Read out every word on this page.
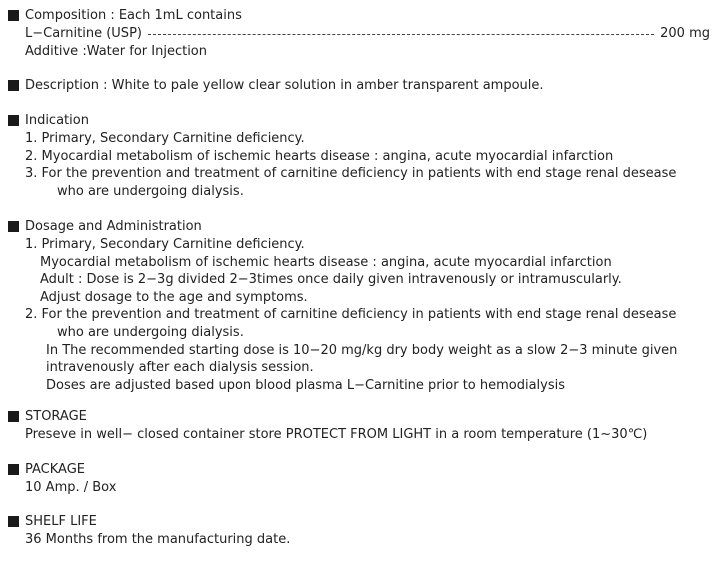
Composition : Each 1mL contains
L−Carnitine (USP)	200 mg
Additive :Water for Injection
Description : White to pale yellow clear solution in amber transparent ampoule.
Indication
1. Primary, Secondary Carnitine deficiency.
2. Myocardial metabolism of ischemic hearts disease : angina, acute myocardial infarction
3. For the prevention and treatment of carnitine deficiency in patients with end stage renal desease
who are undergoing dialysis.
Dosage and Administration
1. Primary, Secondary Carnitine deficiency.
Myocardial metabolism of ischemic hearts disease : angina, acute myocardial infarction
Adult : Dose is 2−3g divided 2−3times once daily given intravenously or intramuscularly.
Adjust dosage to the age and symptoms.
2. For the prevention and treatment of carnitine deficiency in patients with end stage renal desease
who are undergoing dialysis.
In The recommended starting dose is 10−20 mg/kg dry body weight as a slow 2−3 minute given
intravenously after each dialysis session.
Doses are adjusted based upon blood plasma L−Carnitine prior to hemodialysis
STORAGE
Preseve in well− closed container store PROTECT FROM LIGHT in a room temperature (1~30℃)
PACKAGE
10 Amp. / Box
SHELF LIFE
36 Months from the manufacturing date.
